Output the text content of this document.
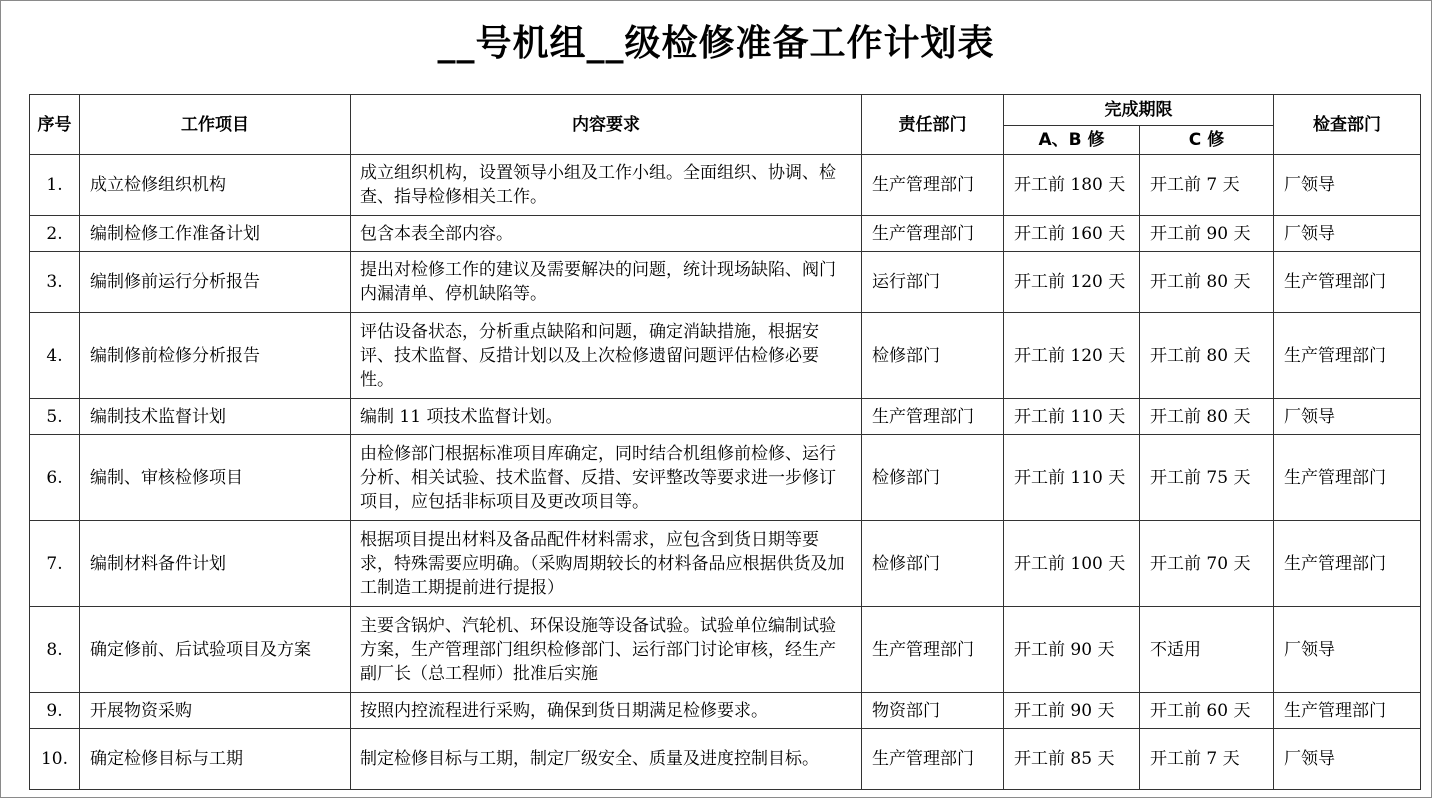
__号机组__级检修准备工作计划表
序号	工作项目	内容要求	责任部门	完成期限		检查部门
				A、B 修	C 修	
1.	成立检修组织机构	成立组织机构，设置领导小组及工作小组。全面组织、协调、检查、指导检修相关工作。	生产管理部门	开工前 180 天	开工前 7 天	厂领导
2.	编制检修工作准备计划	包含本表全部内容。	生产管理部门	开工前 160 天	开工前 90 天	厂领导
3.	编制修前运行分析报告	提出对检修工作的建议及需要解决的问题，统计现场缺陷、阀门内漏清单、停机缺陷等。	运行部门	开工前 120 天	开工前 80 天	生产管理部门
4.	编制修前检修分析报告	评估设备状态，分析重点缺陷和问题，确定消缺措施，根据安评、技术监督、反措计划以及上次检修遗留问题评估检修必要性。	检修部门	开工前 120 天	开工前 80 天	生产管理部门
5.	编制技术监督计划	编制 11 项技术监督计划。	生产管理部门	开工前 110 天	开工前 80 天	厂领导
6.	编制、审核检修项目	由检修部门根据标准项目库确定，同时结合机组修前检修、运行分析、相关试验、技术监督、反措、安评整改等要求进一步修订项目，应包括非标项目及更改项目等。	检修部门	开工前 110 天	开工前 75 天	生产管理部门
7.	编制材料备件计划	根据项目提出材料及备品配件材料需求，应包含到货日期等要求，特殊需要应明确。（采购周期较长的材料备品应根据供货及加工制造工期提前进行提报）	检修部门	开工前 100 天	开工前 70 天	生产管理部门
8.	确定修前、后试验项目及方案	主要含锅炉、汽轮机、环保设施等设备试验。试验单位编制试验方案，生产管理部门组织检修部门、运行部门讨论审核，经生产副厂长（总工程师）批准后实施	生产管理部门	开工前 90 天	不适用	厂领导
9.	开展物资采购	按照内控流程进行采购，确保到货日期满足检修要求。	物资部门	开工前 90 天	开工前 60 天	生产管理部门
10.	确定检修目标与工期	制定检修目标与工期，制定厂级安全、质量及进度控制目标。	生产管理部门	开工前 85 天	开工前 7 天	厂领导
